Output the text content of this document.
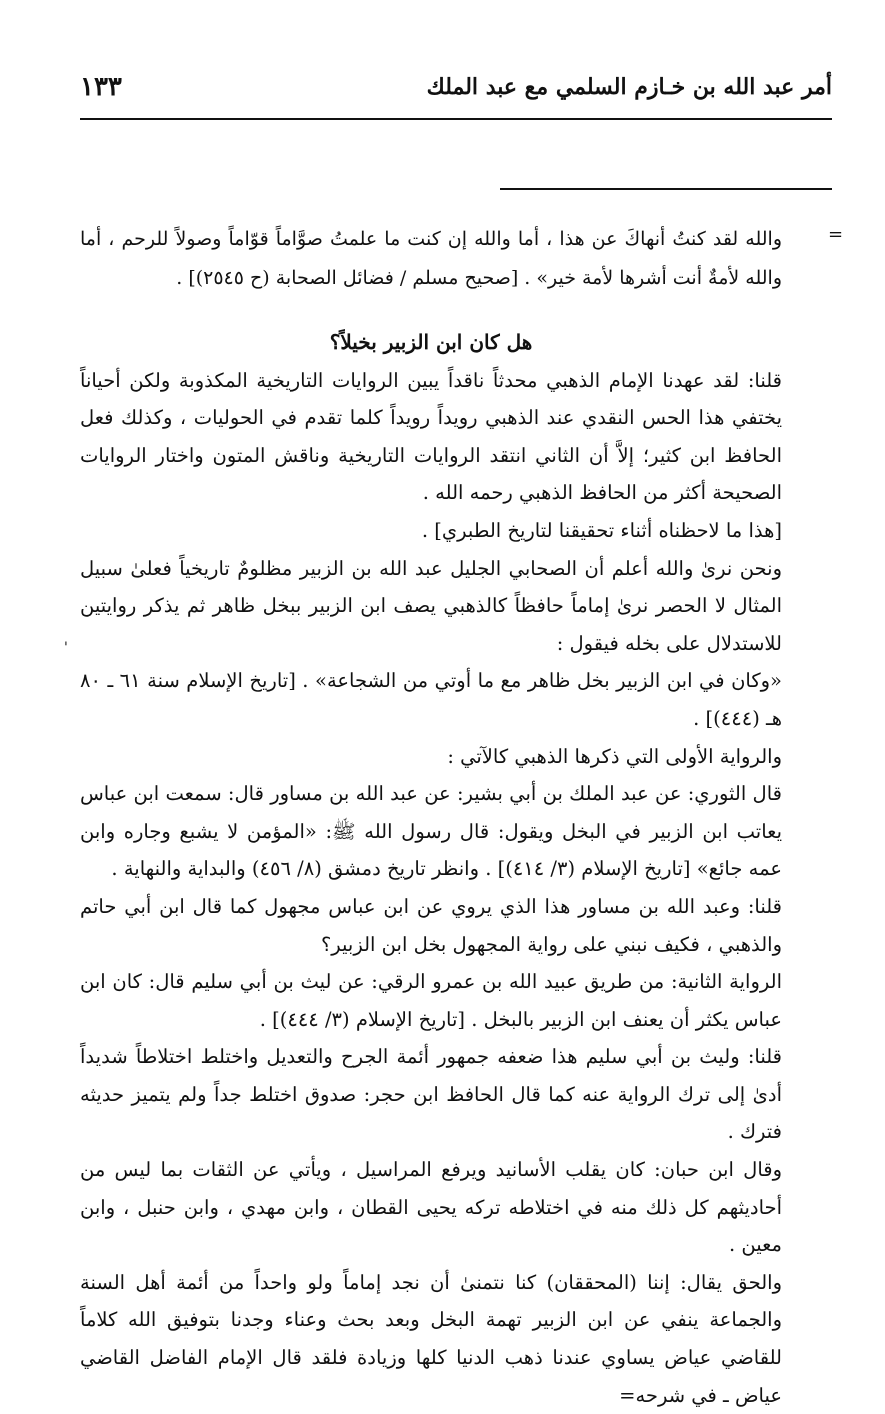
أمر عبد الله بن خـازم السلمي مع عبد الملك
١٣٣
=
والله لقد كنتُ أنهاكَ عن هذا ، أما والله إن كنت ما علمتُ صوَّاماً قوّاماً وصولاً للرحم ، أما والله لأمةٌ أنت أشرها لأمة خير» . [صحيح مسلم / فضائل الصحابة (ح ٢٥٤٥)] .
'

هل كان ابن الزبير بخيلاً؟

قلنا: لقد عهدنا الإمام الذهبي محدثاً ناقداً يبين الروايات التاريخية المكذوبة ولكن أحياناً يختفي هذا الحس النقدي عند الذهبي رويداً رويداً كلما تقدم في الحوليات ، وكذلك فعل الحافظ ابن كثير؛ إلاَّ أن الثاني انتقد الروايات التاريخية وناقش المتون واختار الروايات الصحيحة أكثر من الحافظ الذهبي رحمه الله .

[هذا ما لاحظناه أثناء تحقيقنا لتاريخ الطبري] .

ونحن نرىٰ والله أعلم أن الصحابي الجليل عبد الله بن الزبير مظلومٌ تاريخياً فعلىٰ سبيل المثال لا الحصر نرىٰ إماماً حافظاً كالذهبي يصف ابن الزبير ببخل ظاهر ثم يذكر روايتين للاستدلال على بخله فيقول :

«وكان في ابن الزبير بخل ظاهر مع ما أوتي من الشجاعة» . [تاريخ الإسلام سنة ٦١ ـ ٨٠ هـ (٤٤٤)] .

والرواية الأولى التي ذكرها الذهبي كالآتي :

قال الثوري: عن عبد الملك بن أبي بشير: عن عبد الله بن مساور قال: سمعت ابن عباس يعاتب ابن الزبير في البخل ويقول: قال رسول الله ﷺ: «المؤمن لا يشبع وجاره وابن عمه جائع» [تاريخ الإسلام (٣/ ٤١٤)] . وانظر تاريخ دمشق (٨/ ٤٥٦) والبداية والنهاية .

قلنا: وعبد الله بن مساور هذا الذي يروي عن ابن عباس مجهول كما قال ابن أبي حاتم والذهبي ، فكيف نبني على رواية المجهول بخل ابن الزبير؟

الرواية الثانية: من طريق عبيد الله بن عمرو الرقي: عن ليث بن أبي سليم قال: كان ابن عباس يكثر أن يعنف ابن الزبير بالبخل . [تاريخ الإسلام (٣/ ٤٤٤)] .

قلنا: وليث بن أبي سليم هذا ضعفه جمهور أئمة الجرح والتعديل واختلط اختلاطاً شديداً أدىٰ إلى ترك الرواية عنه كما قال الحافظ ابن حجر: صدوق اختلط جداً ولم يتميز حديثه فترك .

وقال ابن حبان: كان يقلب الأسانيد ويرفع المراسيل ، ويأتي عن الثقات بما ليس من أحاديثهم كل ذلك منه في اختلاطه تركه يحيى القطان ، وابن مهدي ، وابن حنبل ، وابن معين .

والحق يقال: إننا (المحققان) كنا نتمنىٰ أن نجد إماماً ولو واحداً من أئمة أهل السنة والجماعة ينفي عن ابن الزبير تهمة البخل وبعد بحث وعناء وجدنا بتوفيق الله كلاماً للقاضي عياض يساوي عندنا ذهب الدنيا كلها وزيادة فلقد قال الإمام الفاضل القاضي عياض ـ في شرحه=
